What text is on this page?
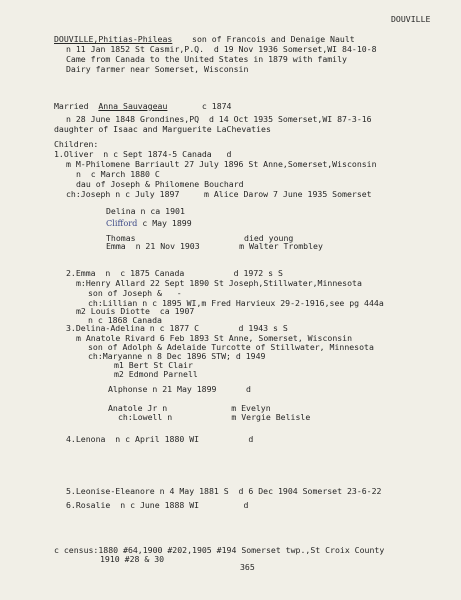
DOUVILLE
DOUVILLE,Phitias-Phileas son of Francois and Denaige Nault
n 11 Jan 1852 St Casmir,P.Q.  d 19 Nov 1936 Somerset,WI 84-10-8
Came from Canada to the United States in 1879 with family
Dairy farmer near Somerset, Wisconsin
Married Anna Sauvageau	c 1874
n 28 June 1848 Grondines,PQ  d 14 Oct 1935 Somerset,WI 87-3-16
daughter of Isaac and Marguerite LaChevaties
Children:
1.Oliver  n c Sept 1874-5 Canada   d
m M-Philomene Barriault 27 July 1896 St Anne,Somerset,Wisconsin
n  c March 1880 C
dau of Joseph & Philomene Bouchard
ch:Joseph n c July 1897     m Alice Darow 7 June 1935 Somerset
Delina n ca 1901
Clifford c May 1899
Thomas                      died young
Emma  n 21 Nov 1903        m Walter Trombley
2.Emma  n  c 1875 Canada          d 1972 s S
m:Henry Allard 22 Sept 1890 St Joseph,Stillwater,Minnesota
son of Joseph &   -
ch:Lillian n c 1895 WI,m Fred Harvieux 29-2-1916,see pg 444a
m2 Louis Diotte  ca 1907
n c 1868 Canada
3.Delina-Adelina n c 1877 C        d 1943 s S
m Anatole Rivard 6 Feb 1893 St Anne, Somerset, Wisconsin
son of Adolph & Adelaide Turcotte of Stillwater, Minnesota
ch:Maryanne n 8 Dec 1896 STW; d 1949
m1 Bert St Clair
m2 Edmond Parnell
Alphonse n 21 May 1899      d
Anatole Jr n             m Evelyn
ch:Lowell n            m Vergie Belisle
4.Lenona  n c April 1880 WI          d
5.Leonise-Eleanore n 4 May 1881 S  d 6 Dec 1904 Somerset 23-6-22
6.Rosalie  n c June 1888 WI         d
c census:1880 #64,1900 #202,1905 #194 Somerset twp.,St Croix County
1910 #28 & 30
365
